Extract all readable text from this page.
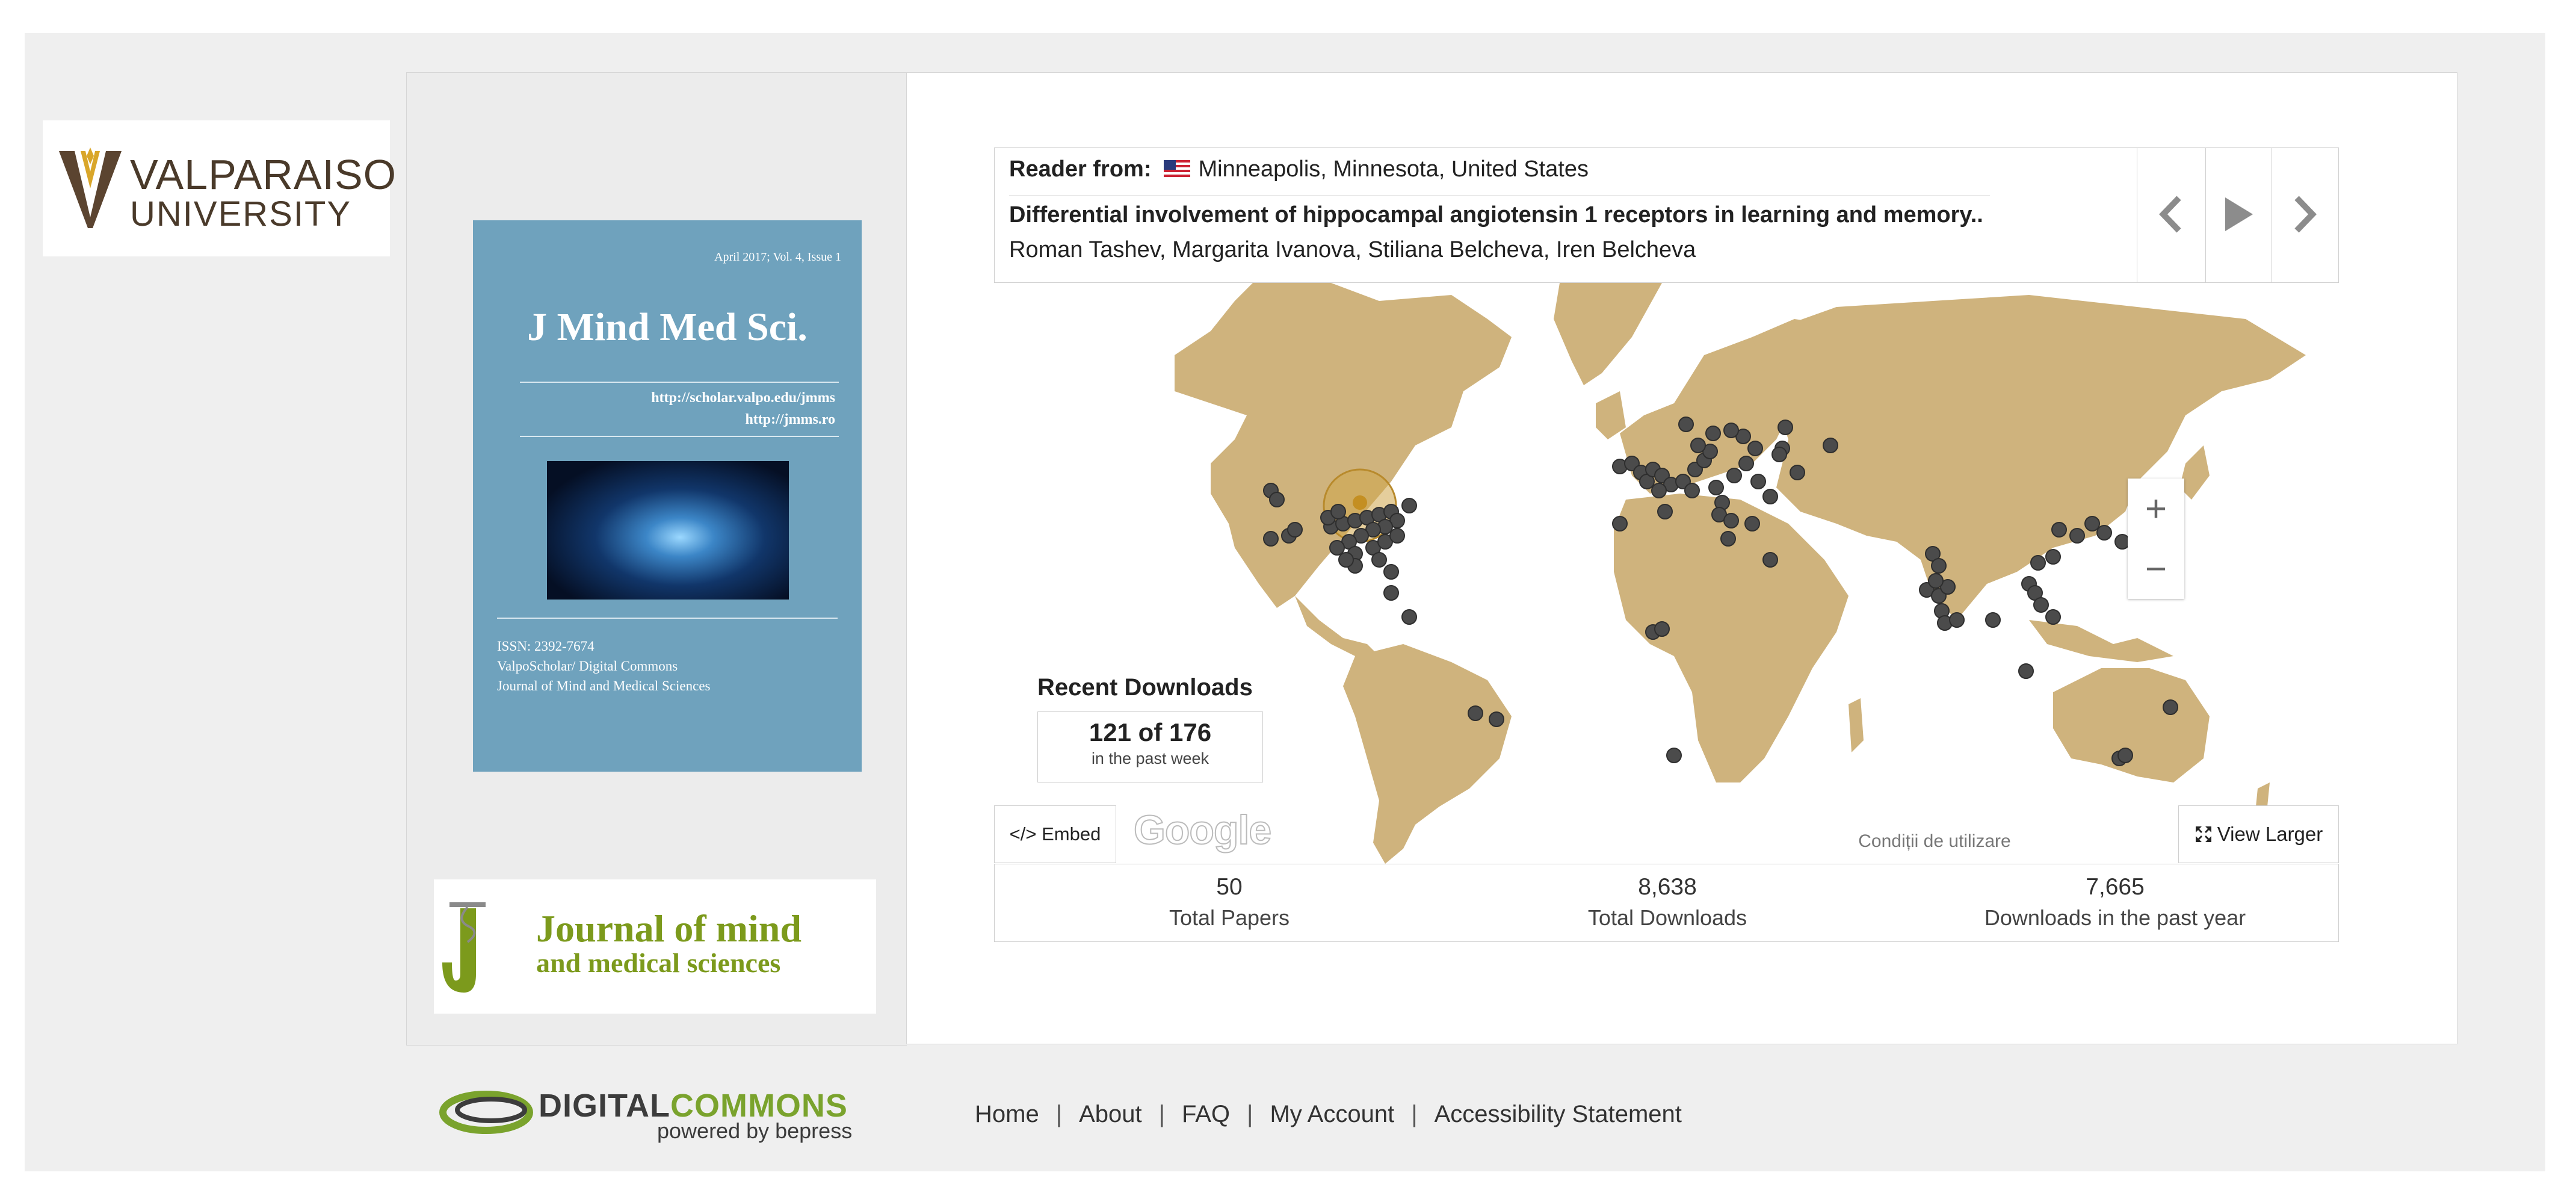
VALPARAISO
UNIVERSITY
April 2017; Vol. 4, Issue 1
J Mind Med Sci.
http://scholar.valpo.edu/jmms
http://jmms.ro
ISSN: 2392-7674
ValpoScholar/ Digital Commons
Journal of Mind and Medical Sciences
Journal of mind
and medical sciences
Reader from: Minneapolis, Minnesota, United States
Differential involvement of hippocampal angiotensin 1 receptors in learning and memory..
Roman Tashev, Margarita Ivanova, Stiliana Belcheva, Iren Belcheva
+
−
Recent Downloads
121 of 176
in the past week
</> Embed Google	Condiții de utilizare	View Larger
50
Total Papers
8,638
Total Downloads
7,665
Downloads in the past year
DIGITALCOMMONS
powered by bepress
Home | About | FAQ | My Account | Accessibility Statement
